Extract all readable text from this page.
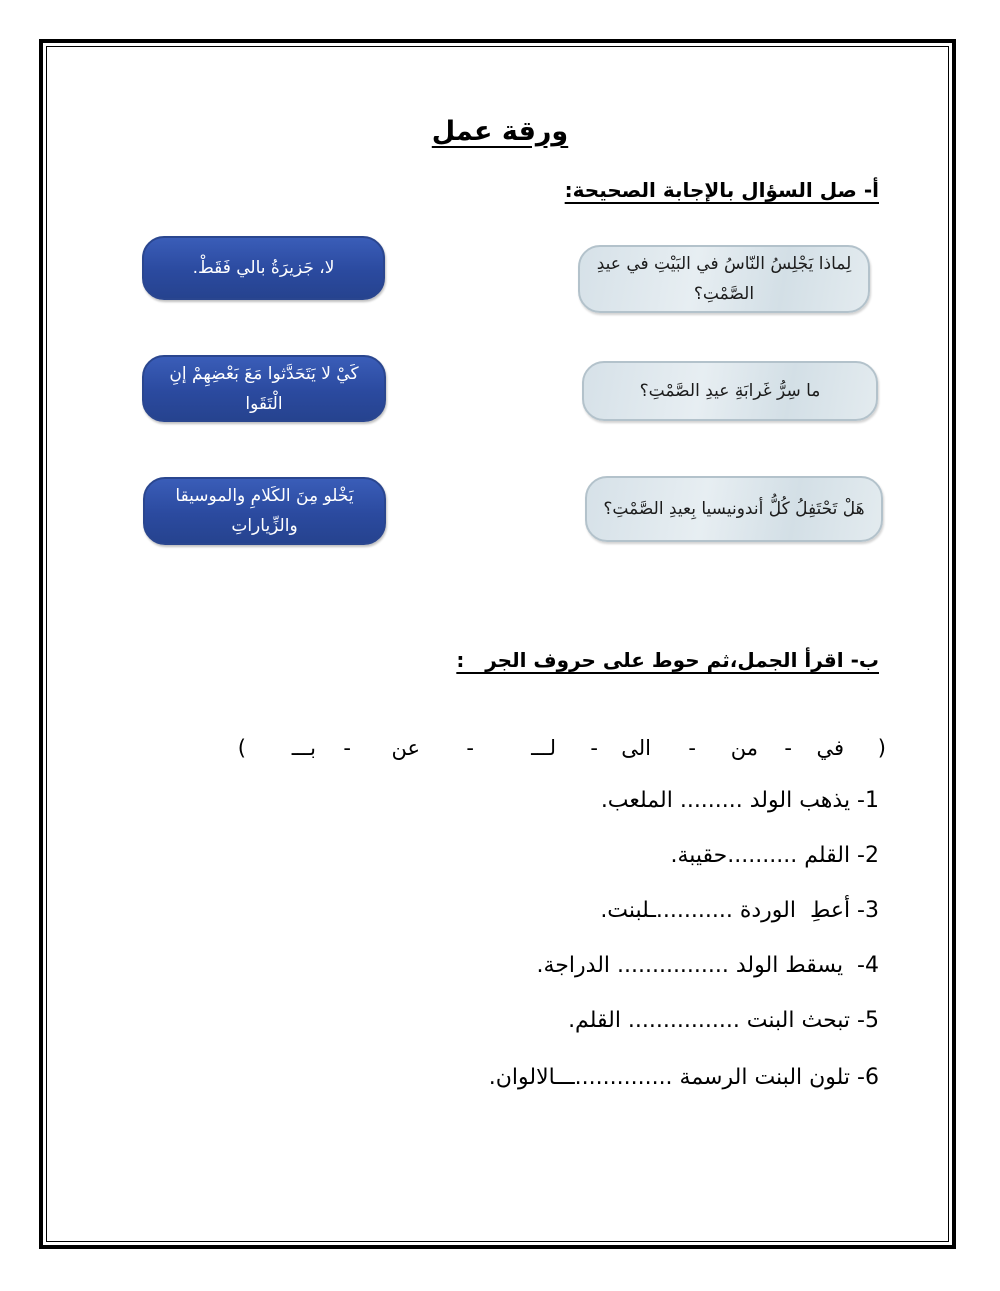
ورقة عمل
أ- صل السؤال بالإجابة الصحيحة:
لِماذا يَجْلِسُ النّاسُ في البَيْتِ في عيدِ الصَّمْتِ؟
ما سِرُّ غَرابَةِ عيدِ الصَّمْتِ؟
هَلْ تَحْتَفِلُ كُلُّ أندونيسيا بِعيدِ الصَّمْتِ؟
لا، جَزيرَةُ بالي فَقَطْ.
كَيْ لا يَتَحَدَّثوا مَعَ بَعْضِهِمْ إنِ الْتَقَوا
يَخْلو مِنَ الكَلامِ والموسيقا والزِّياراتِ
ب- اقرأ الجمل،ثم حوط على حروف الجر   :
(
في
-
من
-
الى
-
لـــ
-
عن
-
بـــ
)
1- يذهب الولد ......... الملعب.
2- القلم ..........حقيبة.
3- أعطِ  الوردة ...........ـلبنت.
4-  يسقط الولد ................ الدراجة.
5- تبحث البنت ................ القلم.
6- تلون البنت الرسمة ..............ـــالالوان.
